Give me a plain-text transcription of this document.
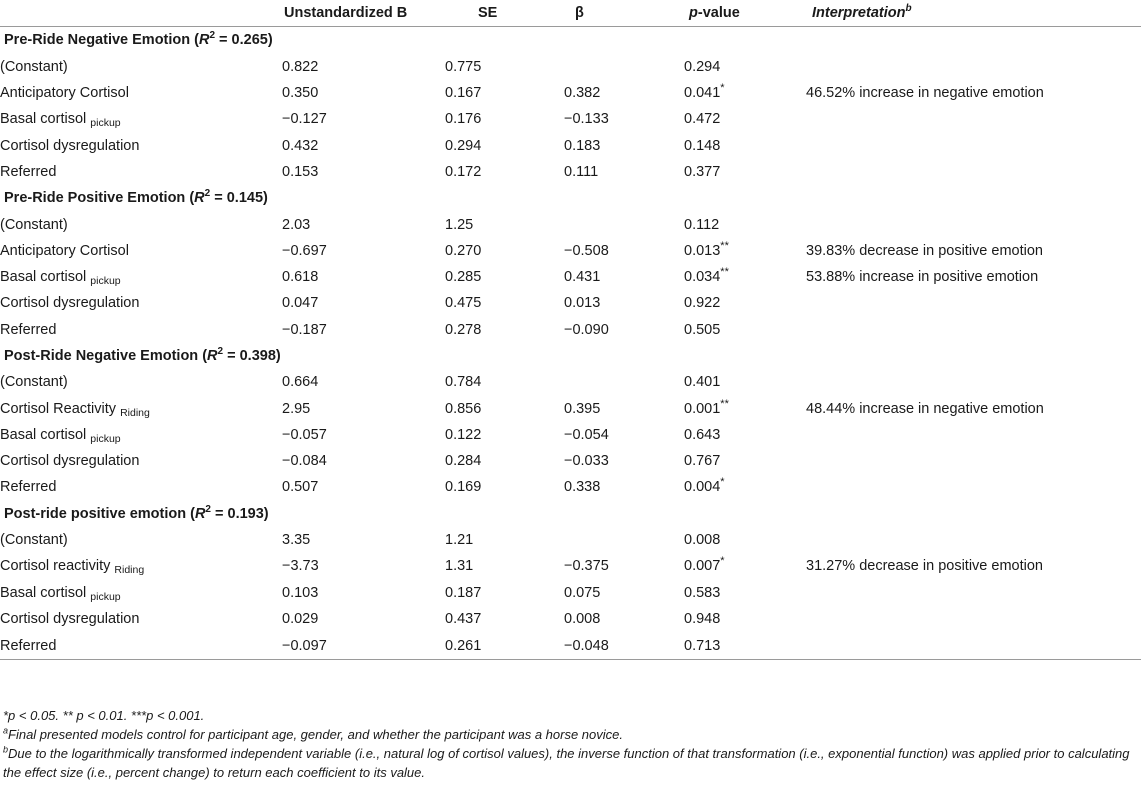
	Unstandardized B	SE	β	p-value	Interpretation$^b$
Pre-Ride Negative Emotion $(R^2 = 0.265)$					
(Constant)	0.822	0.775		0.294	
Anticipatory Cortisol	0.350	0.167	0.382	0.041*	46.52% increase in negative emotion
Basal cortisol $_{pickup}$	−0.127	0.176	−0.133	0.472	
Cortisol dysregulation	0.432	0.294	0.183	0.148	
Referred	0.153	0.172	0.111	0.377	
Pre-Ride Positive Emotion $(R^2 = 0.145)$					
(Constant)	2.03	1.25		0.112	
Anticipatory Cortisol	−0.697	0.270	−0.508	0.013**	39.83% decrease in positive emotion
Basal cortisol $_{pickup}$	0.618	0.285	0.431	0.034**	53.88% increase in positive emotion
Cortisol dysregulation	0.047	0.475	0.013	0.922	
Referred	−0.187	0.278	−0.090	0.505	
Post-Ride Negative Emotion $(R^2 = 0.398)$					
(Constant)	0.664	0.784		0.401	
Cortisol Reactivity $_{Riding}$	2.95	0.856	0.395	0.001**	48.44% increase in negative emotion
Basal cortisol $_{pickup}$	−0.057	0.122	−0.054	0.643	
Cortisol dysregulation	−0.084	0.284	−0.033	0.767	
Referred	0.507	0.169	0.338	0.004*	
Post-ride positive emotion $(R^2 = 0.193)$					
(Constant)	3.35	1.21		0.008	
Cortisol reactivity $_{Riding}$	−3.73	1.31	−0.375	0.007*	31.27% decrease in positive emotion
Basal cortisol $_{pickup}$	0.103	0.187	0.075	0.583	
Cortisol dysregulation	0.029	0.437	0.008	0.948	
Referred	−0.097	0.261	−0.048	0.713	

*p < 0.05. ** p < 0.01. ***p < 0.001.

$^a$Final presented models control for participant age, gender, and whether the participant was a horse novice.

$^b$Due to the logarithmically transformed independent variable (i.e., natural log of cortisol values), the inverse function of that transformation (i.e., exponential function) was applied prior to calculating the effect size (i.e., percent change) to return each coefficient to its value.
